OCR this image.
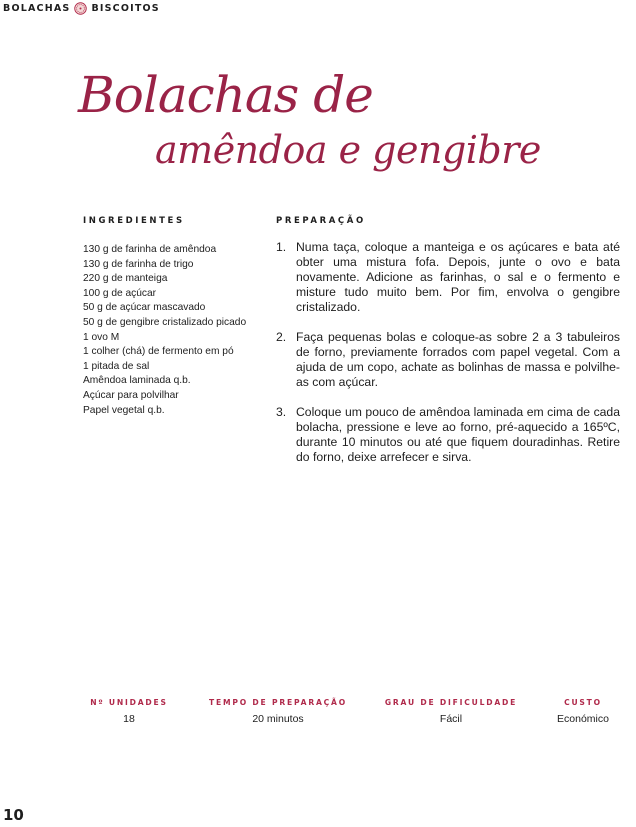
BOLACHAS BISCOITOS
Bolachas de
amêndoa e gengibre
INGREDIENTES
130 g de farinha de amêndoa
130 g de farinha de trigo
220 g de manteiga
100 g de açúcar
50 g de açúcar mascavado
50 g de gengibre cristalizado picado
1 ovo M
1 colher (chá) de fermento em pó
1 pitada de sal
Amêndoa laminada q.b.
Açúcar para polvilhar
Papel vegetal q.b.
PREPARAÇÃO
1. Numa taça, coloque a manteiga e os açúcares e bata até obter uma mistura fofa. Depois, junte o ovo e bata novamente. Adicione as farinhas, o sal e o fermento e misture tudo muito bem. Por fim, envolva o gengibre cristalizado.
2. Faça pequenas bolas e coloque-as sobre 2 a 3 tabuleiros de forno, previamente forrados com papel vegetal. Com a ajuda de um copo, achate as bolinhas de massa e polvilhe-as com açúcar.
3. Coloque um pouco de amêndoa laminada em cima de cada bolacha, pressione e leve ao forno, pré-aquecido a 165ºC, durante 10 minutos ou até que fiquem douradinhas. Retire do forno, deixe arrefecer e sirva.
Nº UNIDADES
18
TEMPO DE PREPARAÇÃO
20 minutos
GRAU DE DIFICULDADE
Fácil
CUSTO
Económico
10
